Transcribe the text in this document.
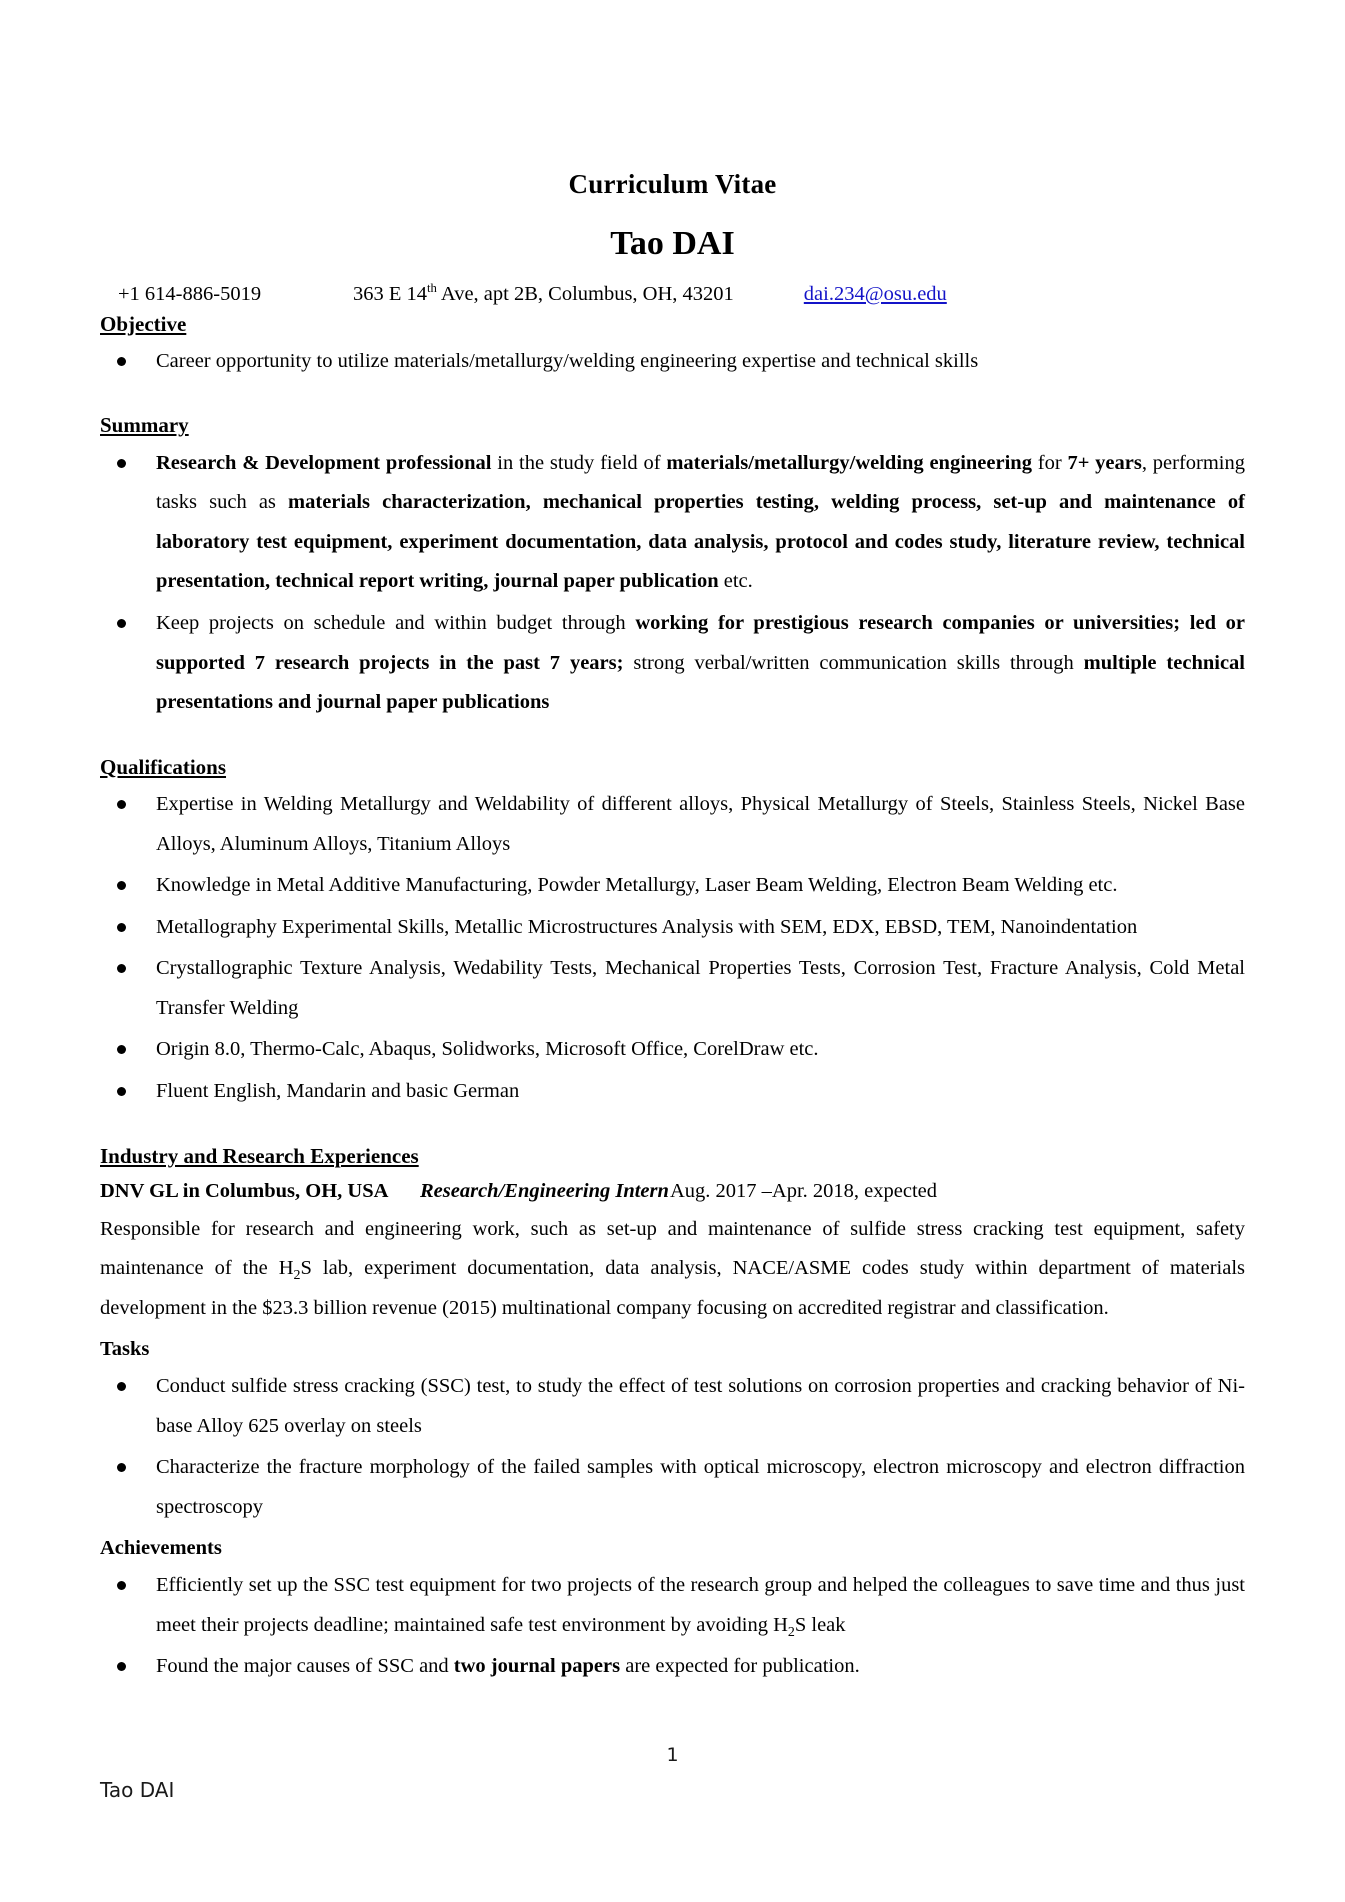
Curriculum Vitae
Tao DAI
+1 614-886-5019	363 E 14th Ave, apt 2B, Columbus, OH, 43201	dai.234@osu.edu
Objective
Career opportunity to utilize materials/metallurgy/welding engineering expertise and technical skills
Summary
Research & Development professional in the study field of materials/metallurgy/welding engineering for 7+ years, performing tasks such as materials characterization, mechanical properties testing, welding process, set-up and maintenance of laboratory test equipment, experiment documentation, data analysis, protocol and codes study, literature review, technical presentation, technical report writing, journal paper publication etc.
Keep projects on schedule and within budget through working for prestigious research companies or universities; led or supported 7 research projects in the past 7 years; strong verbal/written communication skills through multiple technical presentations and journal paper publications
Qualifications
Expertise in Welding Metallurgy and Weldability of different alloys, Physical Metallurgy of Steels, Stainless Steels, Nickel Base Alloys, Aluminum Alloys, Titanium Alloys
Knowledge in Metal Additive Manufacturing, Powder Metallurgy, Laser Beam Welding, Electron Beam Welding etc.
Metallography Experimental Skills, Metallic Microstructures Analysis with SEM, EDX, EBSD, TEM, Nanoindentation
Crystallographic Texture Analysis, Wedability Tests, Mechanical Properties Tests, Corrosion Test, Fracture Analysis, Cold Metal Transfer Welding
Origin 8.0, Thermo-Calc, Abaqus, Solidworks, Microsoft Office, CorelDraw etc.
Fluent English, Mandarin and basic German
Industry and Research Experiences
DNV GL in Columbus, OH, USA	Research/Engineering Intern Aug. 2017 –Apr. 2018, expected

Responsible for research and engineering work, such as set-up and maintenance of sulfide stress cracking test equipment, safety maintenance of the $H_2S$ lab, experiment documentation, data analysis, NACE/ASME codes study within department of materials development in the $23.3 billion revenue (2015) multinational company focusing on accredited registrar and classification.

Tasks
Conduct sulfide stress cracking (SSC) test, to study the effect of test solutions on corrosion properties and cracking behavior of Ni-base Alloy 625 overlay on steels
Characterize the fracture morphology of the failed samples with optical microscopy, electron microscopy and electron diffraction spectroscopy
Achievements
Efficiently set up the SSC test equipment for two projects of the research group and helped the colleagues to save time and thus just meet their projects deadline; maintained safe test environment by avoiding $H_2S$ leak
Found the major causes of SSC and two journal papers are expected for publication.
1
Tao DAI
